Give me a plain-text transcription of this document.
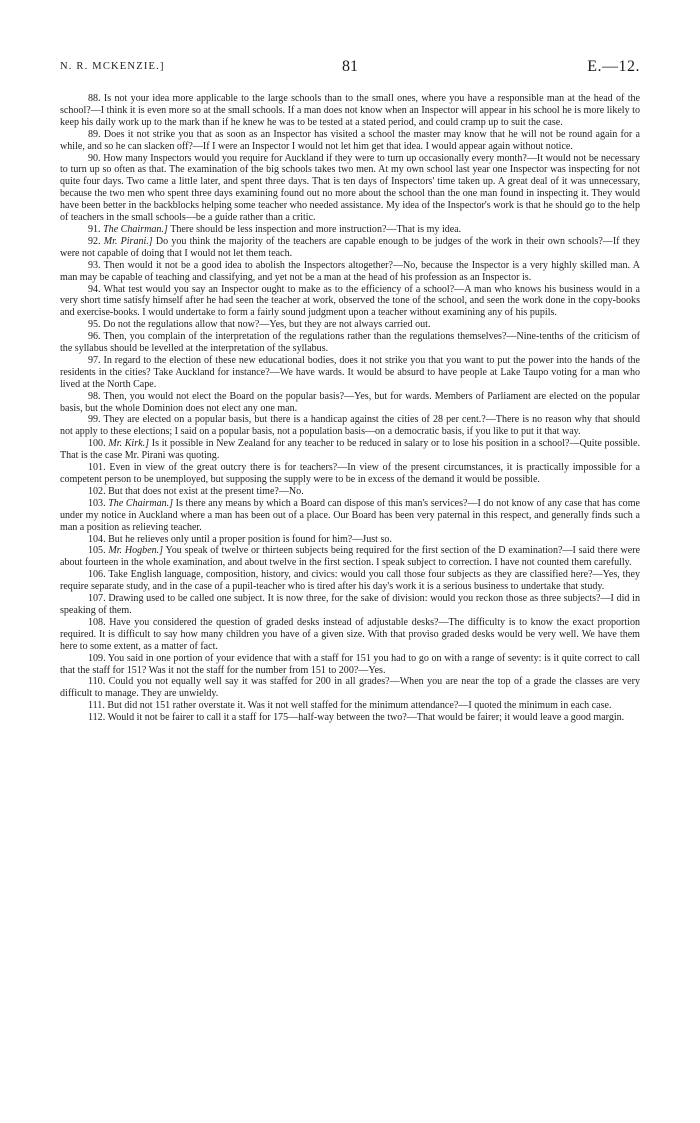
N. R. MCKENZIE.]	81	E.—12.

88. Is not your idea more applicable to the large schools than to the small ones, where you have a responsible man at the head of the school?—I think it is even more so at the small schools. If a man does not know when an Inspector will appear in his school he is more likely to keep his daily work up to the mark than if he knew he was to be tested at a stated period, and could cramp up to suit the case.

89. Does it not strike you that as soon as an Inspector has visited a school the master may know that he will not be round again for a while, and so he can slacken off?—If I were an Inspector I would not let him get that idea. I would appear again without notice.

90. How many Inspectors would you require for Auckland if they were to turn up occasionally every month?—It would not be necessary to turn up so often as that. The examination of the big schools takes two men. At my own school last year one Inspector was inspecting for not quite four days. Two came a little later, and spent three days. That is ten days of Inspectors' time taken up. A great deal of it was unnecessary, because the two men who spent three days examining found out no more about the school than the one man found in inspecting it. They would have been better in the backblocks helping some teacher who needed assistance. My idea of the Inspector's work is that he should go to the help of teachers in the small schools—be a guide rather than a critic.

91. The Chairman.] There should be less inspection and more instruction?—That is my idea.

92. Mr. Pirani.] Do you think the majority of the teachers are capable enough to be judges of the work in their own schools?—If they were not capable of doing that I would not let them teach.

93. Then would it not be a good idea to abolish the Inspectors altogether?—No, because the Inspector is a very highly skilled man. A man may be capable of teaching and classifying, and yet not be a man at the head of his profession as an Inspector is.

94. What test would you say an Inspector ought to make as to the efficiency of a school?—A man who knows his business would in a very short time satisfy himself after he had seen the teacher at work, observed the tone of the school, and seen the work done in the copy-books and exercise-books. I would undertake to form a fairly sound judgment upon a teacher without examining any of his pupils.

95. Do not the regulations allow that now?—Yes, but they are not always carried out.

96. Then, you complain of the interpretation of the regulations rather than the regulations themselves?—Nine-tenths of the criticism of the syllabus should be levelled at the interpretation of the syllabus.

97. In regard to the election of these new educational bodies, does it not strike you that you want to put the power into the hands of the residents in the cities? Take Auckland for instance?—We have wards. It would be absurd to have people at Lake Taupo voting for a man who lived at the North Cape.

98. Then, you would not elect the Board on the popular basis?—Yes, but for wards. Members of Parliament are elected on the popular basis, but the whole Dominion does not elect any one man.

99. They are elected on a popular basis, but there is a handicap against the cities of 28 per cent.?—There is no reason why that should not apply to these elections; I said on a popular basis, not a population basis—on a democratic basis, if you like to put it that way.

100. Mr. Kirk.] Is it possible in New Zealand for any teacher to be reduced in salary or to lose his position in a school?—Quite possible. That is the case Mr. Pirani was quoting.

101. Even in view of the great outcry there is for teachers?—In view of the present circumstances, it is practically impossible for a competent person to be unemployed, but supposing the supply were to be in excess of the demand it would be possible.

102. But that does not exist at the present time?—No.

103. The Chairman.] Is there any means by which a Board can dispose of this man's services?—I do not know of any case that has come under my notice in Auckland where a man has been out of a place. Our Board has been very paternal in this respect, and generally finds such a man a position as relieving teacher.

104. But he relieves only until a proper position is found for him?—Just so.

105. Mr. Hogben.] You speak of twelve or thirteen subjects being required for the first section of the D examination?—I said there were about fourteen in the whole examination, and about twelve in the first section. I speak subject to correction. I have not counted them carefully.

106. Take English language, composition, history, and civics: would you call those four subjects as they are classified here?—Yes, they require separate study, and in the case of a pupil-teacher who is tired after his day's work it is a serious business to undertake that study.

107. Drawing used to be called one subject. It is now three, for the sake of division: would you reckon those as three subjects?—I did in speaking of them.

108. Have you considered the question of graded desks instead of adjustable desks?—The difficulty is to know the exact proportion required. It is difficult to say how many children you have of a given size. With that proviso graded desks would be very well. We have them here to some extent, as a matter of fact.

109. You said in one portion of your evidence that with a staff for 151 you had to go on with a range of seventy: is it quite correct to call that the staff for 151? Was it not the staff for the number from 151 to 200?—Yes.

110. Could you not equally well say it was staffed for 200 in all grades?—When you are near the top of a grade the classes are very difficult to manage. They are unwieldy.

111. But did not 151 rather overstate it. Was it not well staffed for the minimum attendance?—I quoted the minimum in each case.

112. Would it not be fairer to call it a staff for 175—half-way between the two?—That would be fairer; it would leave a good margin.
